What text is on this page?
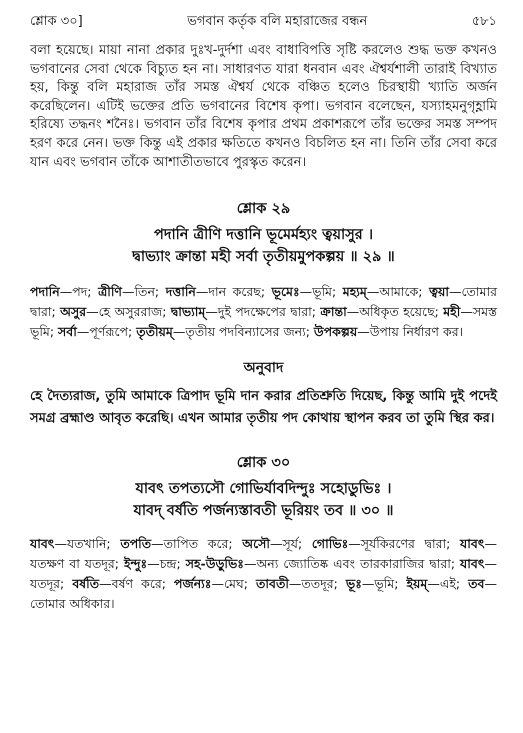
শ্লোক ৩০]	ভগবান কর্তৃক বলি মহারাজের বন্ধন	৫৮১

বলা হয়েছে। মায়া নানা প্রকার দুঃখ-দুর্দশা এবং বাধাবিপত্তি সৃষ্টি করলেও শুদ্ধ ভক্ত কখনও ভগবানের সেবা থেকে বিচ্যুত হন না। সাধারণত যারা ধনবান এবং ঐশ্বর্যশালী তারাই বিখ্যাত হয়, কিন্তু বলি মহারাজ তাঁর সমস্ত ঐশ্বর্য থেকে বঞ্চিত হলেও চিরস্থায়ী খ্যাতি অর্জন করেছিলেন। এটিই ভক্তের প্রতি ভগবানের বিশেষ কৃপা। ভগবান বলেছেন, যস্যাহমনুগৃহ্ণামি হরিষ্যে তদ্ধনং শনৈঃ। ভগবান তাঁর বিশেষ কৃপার প্রথম প্রকাশরূপে তাঁর ভক্তের সমস্ত সম্পদ হরণ করে নেন। ভক্ত কিন্তু এই প্রকার ক্ষতিতে কখনও বিচলিত হন না। তিনি তাঁর সেবা করে যান এবং ভগবান তাঁকে আশাতীতভাবে পুরস্কৃত করেন।

শ্লোক ২৯
পদানি ত্রীণি দত্তানি ভূমের্মহ্যং ত্বয়াসুর ।
দ্বাভ্যাং ক্রান্তা মহী সর্বা তৃতীয়মুপকল্পয় ॥ ২৯ ॥

পদানি—পদ; ত্রীণি—তিন; দত্তানি—দান করেছ; ভূমেঃ—ভূমি; মহ্যম্—আমাকে; ত্বয়া—তোমার দ্বারা; অসুর—হে অসুররাজ; দ্বাভ্যাম্—দুই পদক্ষেপের দ্বারা; ক্রান্তা—অধিকৃত হয়েছে; মহী—সমস্ত ভূমি; সর্বা—পূর্ণরূপে; তৃতীয়ম্—তৃতীয় পদবিন্যাসের জন্য; উপকল্পয়—উপায় নির্ধারণ কর।

অনুবাদ

হে দৈত্যরাজ, তুমি আমাকে ত্রিপাদ ভূমি দান করার প্রতিশ্রুতি দিয়েছ, কিন্তু আমি দুই পদেই সমগ্র ব্রহ্মাণ্ড আবৃত করেছি। এখন আমার তৃতীয় পদ কোথায় স্থাপন করব তা তুমি স্থির কর।

শ্লোক ৩০
যাবৎ তপত্যসৌ গোভির্যাবদিন্দুঃ সহোডুভিঃ ।
যাবদ্ বর্ষতি পর্জন্যস্তাবতী ভূরিয়ং তব ॥ ৩০ ॥

যাবৎ—যতখানি; তপতি—তাপিত করে; অসৌ—সূর্য; গোভিঃ—সূর্যকিরণের দ্বারা; যাবৎ—যতক্ষণ বা যতদূর; ইন্দুঃ—চন্দ্র; সহ-উড়ুভিঃ—অন্য জ্যোতিষ্ক এবং তারকারাজির দ্বারা; যাবৎ—যতদূর; বর্ষতি—বর্ষণ করে; পর্জন্যঃ—মেঘ; তাবতী—ততদূর; ভূঃ—ভূমি; ইয়ম্—এই; তব—তোমার অধিকার।
